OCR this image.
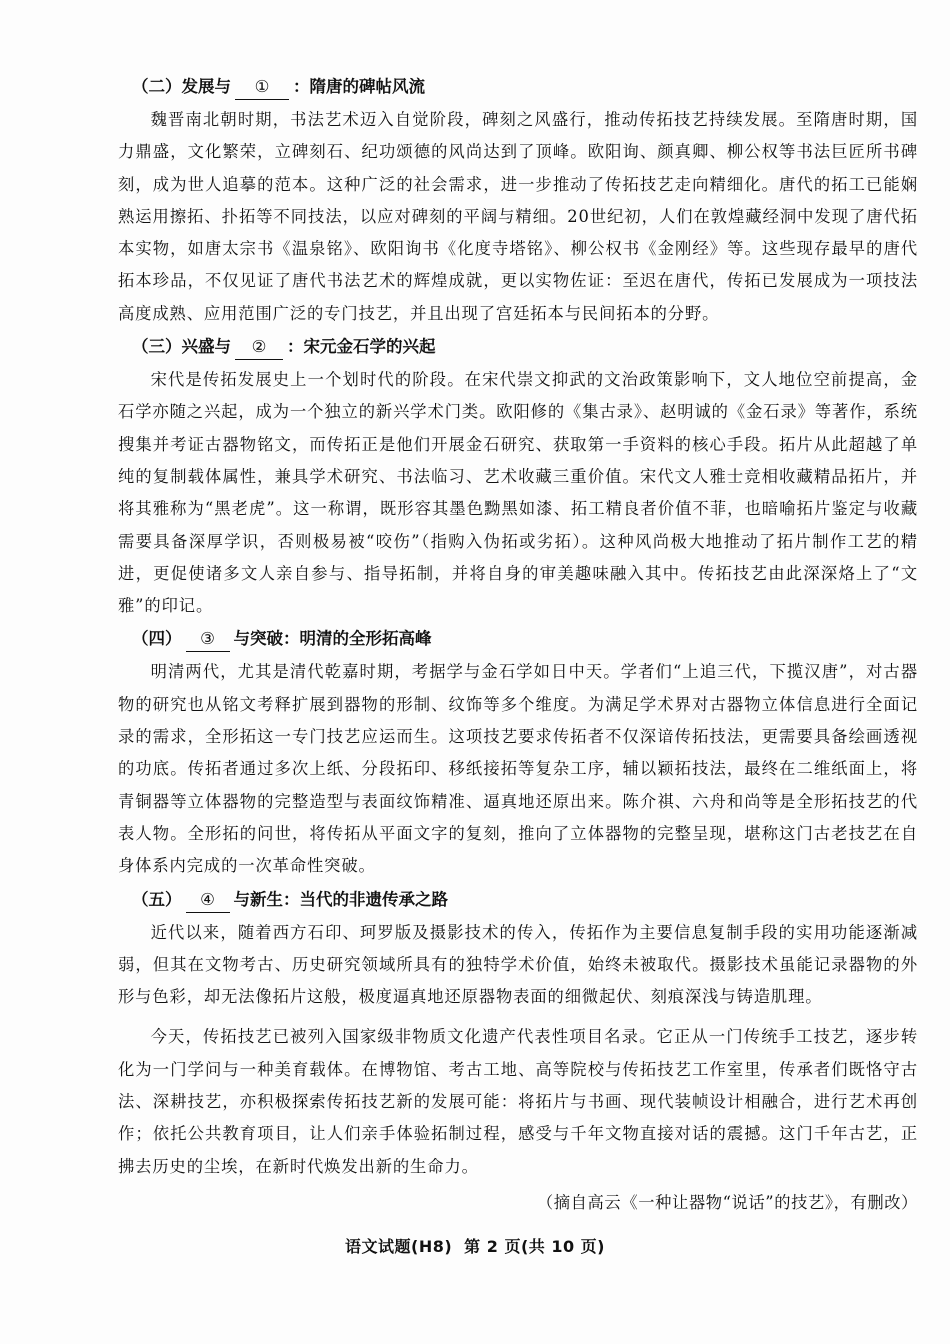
（二）发展与 ① ：隋唐的碑帖风流

魏晋南北朝时期，书法艺术迈入自觉阶段，碑刻之风盛行，推动传拓技艺持续发展。至隋唐时期，国力鼎盛，文化繁荣，立碑刻石、纪功颂德的风尚达到了顶峰。欧阳询、颜真卿、柳公权等书法巨匠所书碑刻，成为世人追摹的范本。这种广泛的社会需求，进一步推动了传拓技艺走向精细化。唐代的拓工已能娴熟运用擦拓、扑拓等不同技法，以应对碑刻的平阔与精细。20世纪初，人们在敦煌藏经洞中发现了唐代拓本实物，如唐太宗书《温泉铭》、欧阳询书《化度寺塔铭》、柳公权书《金刚经》等。这些现存最早的唐代拓本珍品，不仅见证了唐代书法艺术的辉煌成就，更以实物佐证：至迟在唐代，传拓已发展成为一项技法高度成熟、应用范围广泛的专门技艺，并且出现了宫廷拓本与民间拓本的分野。

（三）兴盛与 ② ：宋元金石学的兴起

宋代是传拓发展史上一个划时代的阶段。在宋代崇文抑武的文治政策影响下，文人地位空前提高，金石学亦随之兴起，成为一个独立的新兴学术门类。欧阳修的《集古录》、赵明诚的《金石录》等著作，系统搜集并考证古器物铭文，而传拓正是他们开展金石研究、获取第一手资料的核心手段。拓片从此超越了单纯的复制载体属性，兼具学术研究、书法临习、艺术收藏三重价值。宋代文人雅士竞相收藏精品拓片，并将其雅称为“黑老虎”。这一称谓，既形容其墨色黝黑如漆、拓工精良者价值不菲，也暗喻拓片鉴定与收藏需要具备深厚学识，否则极易被“咬伤”（指购入伪拓或劣拓）。这种风尚极大地推动了拓片制作工艺的精进，更促使诸多文人亲自参与、指导拓制，并将自身的审美趣味融入其中。传拓技艺由此深深烙上了“文雅”的印记。

（四） ③ 与突破：明清的全形拓高峰

明清两代，尤其是清代乾嘉时期，考据学与金石学如日中天。学者们“上追三代，下揽汉唐”，对古器物的研究也从铭文考释扩展到器物的形制、纹饰等多个维度。为满足学术界对古器物立体信息进行全面记录的需求，全形拓这一专门技艺应运而生。这项技艺要求传拓者不仅深谙传拓技法，更需要具备绘画透视的功底。传拓者通过多次上纸、分段拓印、移纸接拓等复杂工序，辅以颖拓技法，最终在二维纸面上，将青铜器等立体器物的完整造型与表面纹饰精准、逼真地还原出来。陈介祺、六舟和尚等是全形拓技艺的代表人物。全形拓的问世，将传拓从平面文字的复刻，推向了立体器物的完整呈现，堪称这门古老技艺在自身体系内完成的一次革命性突破。

（五） ④ 与新生：当代的非遗传承之路

近代以来，随着西方石印、珂罗版及摄影技术的传入，传拓作为主要信息复制手段的实用功能逐渐减弱，但其在文物考古、历史研究领域所具有的独特学术价值，始终未被取代。摄影技术虽能记录器物的外形与色彩，却无法像拓片这般，极度逼真地还原器物表面的细微起伏、刻痕深浅与铸造肌理。

今天，传拓技艺已被列入国家级非物质文化遗产代表性项目名录。它正从一门传统手工技艺，逐步转化为一门学问与一种美育载体。在博物馆、考古工地、高等院校与传拓技艺工作室里，传承者们既恪守古法、深耕技艺，亦积极探索传拓技艺新的发展可能：将拓片与书画、现代装帧设计相融合，进行艺术再创作；依托公共教育项目，让人们亲手体验拓制过程，感受与千年文物直接对话的震撼。这门千年古艺，正拂去历史的尘埃，在新时代焕发出新的生命力。

（摘自高云《一种让器物“说话”的技艺》，有删改）
语文试题(H8) 第 2 页(共 10 页)
